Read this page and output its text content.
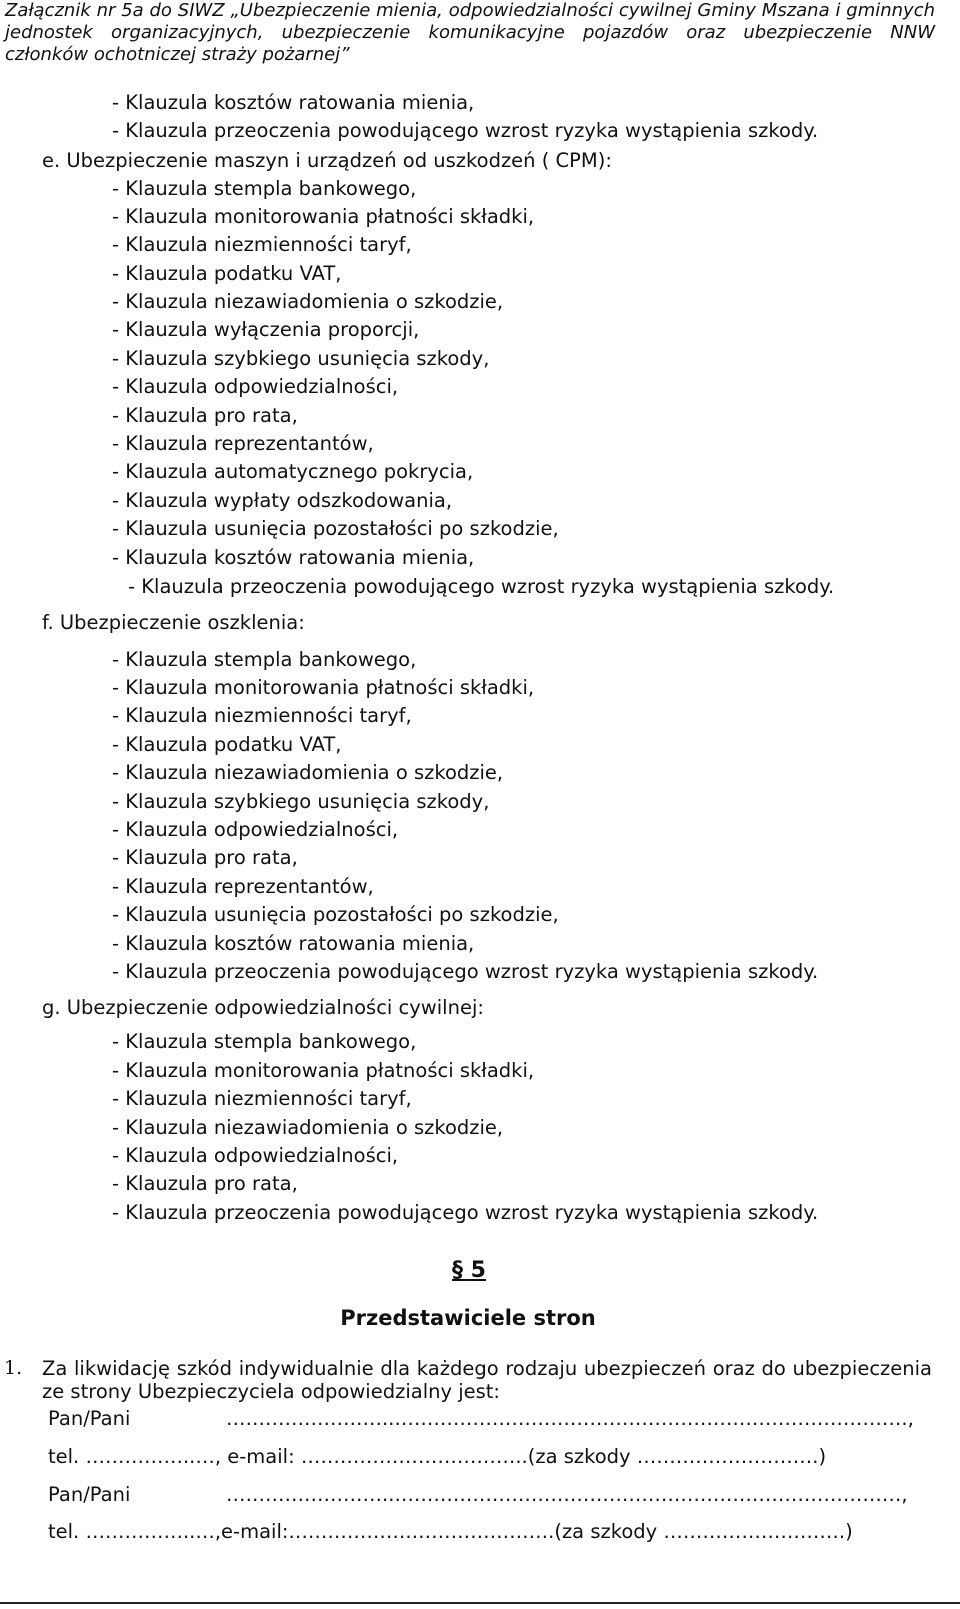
Załącznik nr 5a do SIWZ „Ubezpieczenie mienia, odpowiedzialności cywilnej Gminy Mszana i gminnych jednostek organizacyjnych, ubezpieczenie komunikacyjne pojazdów oraz ubezpieczenie NNW członków ochotniczej straży pożarnej”
- Klauzula kosztów ratowania mienia,
- Klauzula przeoczenia powodującego wzrost ryzyka wystąpienia szkody.
e. Ubezpieczenie maszyn i urządzeń od uszkodzeń ( CPM):
- Klauzula stempla bankowego,
- Klauzula monitorowania płatności składki,
- Klauzula niezmienności taryf,
- Klauzula podatku VAT,
- Klauzula niezawiadomienia o szkodzie,
- Klauzula wyłączenia proporcji,
- Klauzula szybkiego usunięcia szkody,
- Klauzula odpowiedzialności,
- Klauzula pro rata,
- Klauzula reprezentantów,
- Klauzula automatycznego pokrycia,
- Klauzula wypłaty odszkodowania,
- Klauzula usunięcia pozostałości po szkodzie,
- Klauzula kosztów ratowania mienia,
- Klauzula przeoczenia powodującego wzrost ryzyka wystąpienia szkody.
f. Ubezpieczenie oszklenia:
- Klauzula stempla bankowego,
- Klauzula monitorowania płatności składki,
- Klauzula niezmienności taryf,
- Klauzula podatku VAT,
- Klauzula niezawiadomienia o szkodzie,
- Klauzula szybkiego usunięcia szkody,
- Klauzula odpowiedzialności,
- Klauzula pro rata,
- Klauzula reprezentantów,
- Klauzula usunięcia pozostałości po szkodzie,
- Klauzula kosztów ratowania mienia,
- Klauzula przeoczenia powodującego wzrost ryzyka wystąpienia szkody.
g. Ubezpieczenie odpowiedzialności cywilnej:
- Klauzula stempla bankowego,
- Klauzula monitorowania płatności składki,
- Klauzula niezmienności taryf,
- Klauzula niezawiadomienia o szkodzie,
- Klauzula odpowiedzialności,
- Klauzula pro rata,
- Klauzula przeoczenia powodującego wzrost ryzyka wystąpienia szkody.
§ 5
Przedstawiciele stron
1. Za likwidację szkód indywidualnie dla każdego rodzaju ubezpieczeń oraz do ubezpieczenia ze strony Ubezpieczyciela odpowiedzialny jest:
Pan/Pani	……………………..…………………………………………………………………….,
tel. ……………..…, e-mail: ……………………………..(za szkody ……………………….)
Pan/Pani	……………………..……………………………………………………………………,
tel. ……………..…,e-mail:……………….………………….(za szkody ……………………….)
